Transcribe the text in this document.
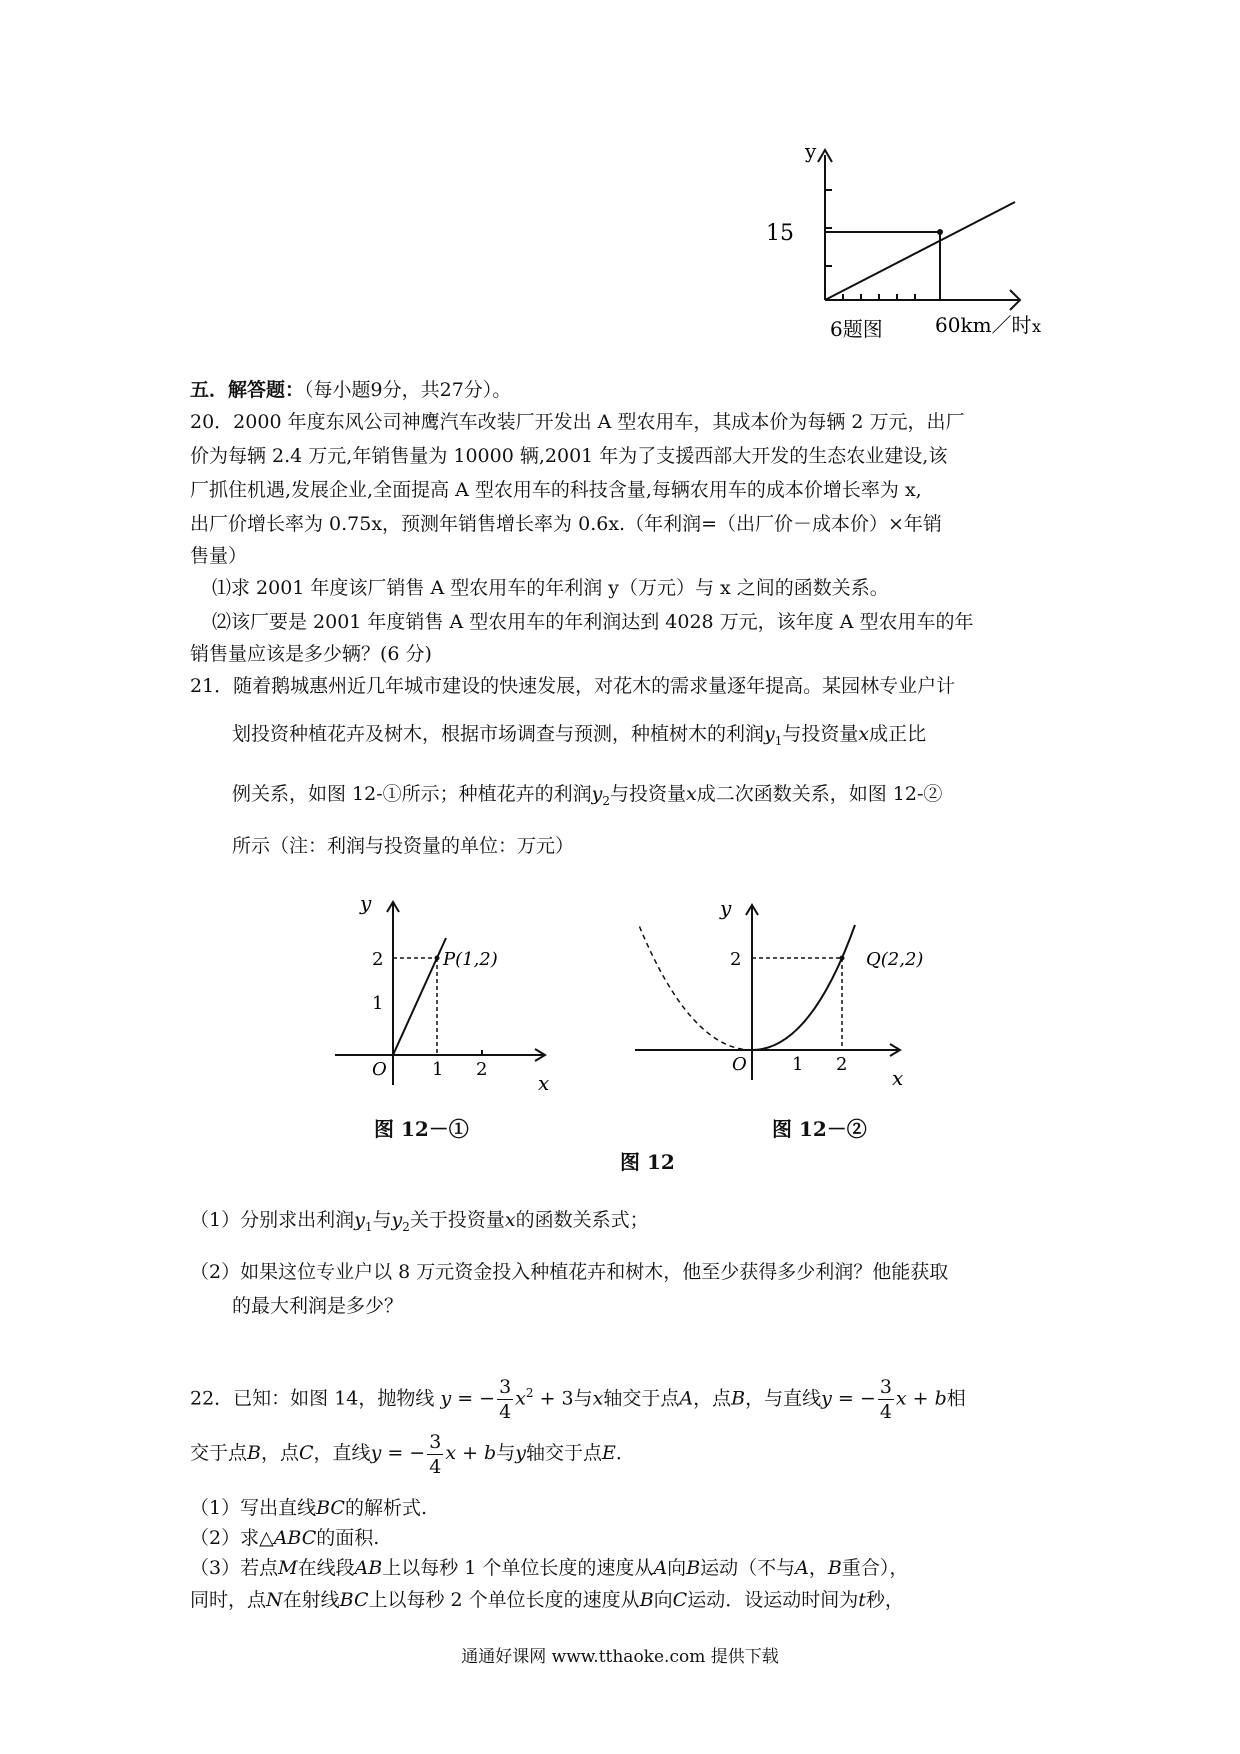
y
15
60km／时 x
6题图
五．解答题：（每小题9分，共27分）。
20．2000 年度东风公司神鹰汽车改装厂开发出 A 型农用车，其成本价为每辆 2 万元，出厂
价为每辆 2.4 万元,年销售量为 10000 辆,2001 年为了支援西部大开发的生态农业建设,该
厂抓住机遇,发展企业,全面提高 A 型农用车的科技含量,每辆农用车的成本价增长率为 x,
出厂价增长率为 0.75x，预测年销售增长率为 0.6x.（年利润=（出厂价－成本价）×年销
售量）
⑴求 2001 年度该厂销售 A 型农用车的年利润 y（万元）与 x 之间的函数关系。
⑵该厂要是 2001 年度销售 A 型农用车的年利润达到 4028 万元，该年度 A 型农用车的年
销售量应该是多少辆？(6 分)
21．随着鹅城惠州近几年城市建设的快速发展，对花木的需求量逐年提高。某园林专业户计
划投资种植花卉及树木，根据市场调查与预测，种植树木的利润$y_1$与投资量x成正比
例关系，如图 12-①所示；种植花卉的利润$y_2$与投资量x成二次函数关系，如图 12-②
所示（注：利润与投资量的单位：万元）
y
2
1
O	1 2
x
P(1,2)
图 12－①
y
2
O	1 2
x
Q(2,2)
图 12－②
图 12
（1）分别求出利润$y_1$与$y_2$关于投资量x的函数关系式；
（2）如果这位专业户以 8 万元资金投入种植花卉和树木，他至少获得多少利润？他能获取
的最大利润是多少？
22．已知：如图 14，抛物线 y = − $\frac{3}{4} x^2 + 3$与x轴交于点A，点B，与直线y = − $\frac{3}{4}$ x + b相
交于点B，点C，直线y = − $\frac{3}{4}$ x + b与y轴交于点E．
（1）写出直线BC的解析式.
（2）求△ABC的面积.
（3）若点M在线段AB上以每秒 1 个单位长度的速度从A向B运动（不与A，B重合），
同时，点N在射线BC上以每秒 2 个单位长度的速度从B向C运动．设运动时间为t秒，
通通好课网 www.tthaoke.com 提供下载
